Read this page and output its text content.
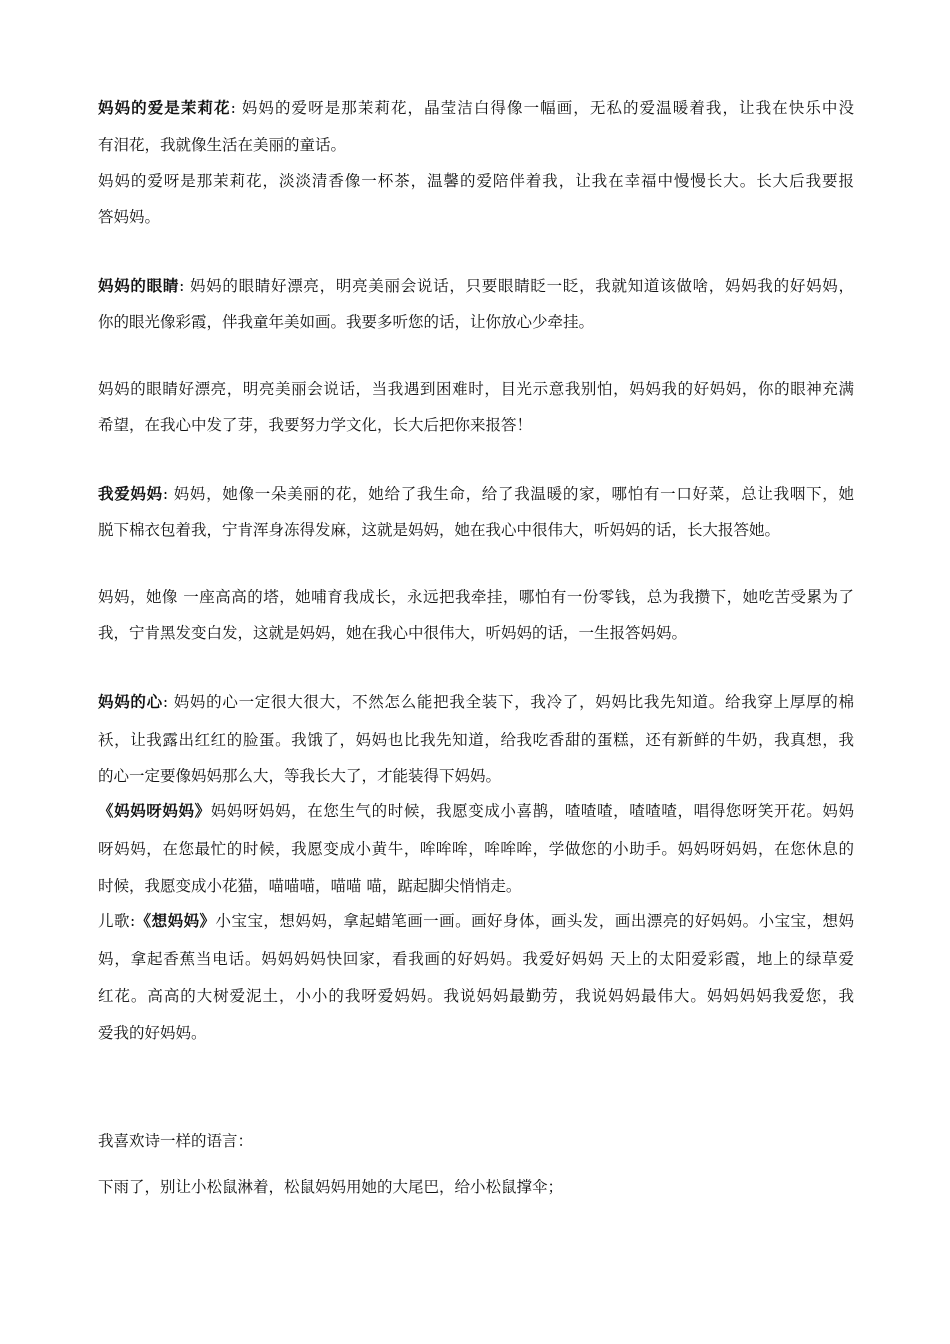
妈妈的爱是茉莉花: 妈妈的爱呀是那茉莉花，晶莹洁白得像一幅画，无私的爱温暖着我，让我在快乐中没
有泪花，我就像生活在美丽的童话。
妈妈的爱呀是那茉莉花，淡淡清香像一杯茶，温馨的爱陪伴着我，让我在幸福中慢慢长大。长大后我要报
答妈妈。
妈妈的眼睛: 妈妈的眼睛好漂亮，明亮美丽会说话，只要眼睛眨一眨，我就知道该做啥，妈妈我的好妈妈，
你的眼光像彩霞，伴我童年美如画。我要多听您的话，让你放心少牵挂。
妈妈的眼睛好漂亮，明亮美丽会说话，当我遇到困难时，目光示意我别怕，妈妈我的好妈妈，你的眼神充满
希望，在我心中发了芽，我要努力学文化，长大后把你来报答！
我爱妈妈: 妈妈，她像一朵美丽的花，她给了我生命，给了我温暖的家，哪怕有一口好菜，总让我咽下，她
脱下棉衣包着我，宁肯浑身冻得发麻，这就是妈妈，她在我心中很伟大，听妈妈的话，长大报答她。
妈妈，她像 一座高高的塔，她哺育我成长，永远把我牵挂，哪怕有一份零钱，总为我攒下，她吃苦受累为了
我，宁肯黑发变白发，这就是妈妈，她在我心中很伟大，听妈妈的话，一生报答妈妈。
妈妈的心: 妈妈的心一定很大很大，不然怎么能把我全装下，我冷了，妈妈比我先知道。给我穿上厚厚的棉
袄，让我露出红红的脸蛋。我饿了，妈妈也比我先知道，给我吃香甜的蛋糕，还有新鲜的牛奶，我真想，我
的心一定要像妈妈那么大，等我长大了，才能装得下妈妈。
《妈妈呀妈妈》妈妈呀妈妈，在您生气的时候，我愿变成小喜鹊，喳喳喳，喳喳喳，唱得您呀笑开花。妈妈
呀妈妈，在您最忙的时候，我愿变成小黄牛，哞哞哞，哞哞哞，学做您的小助手。妈妈呀妈妈，在您休息的
时候，我愿变成小花猫，喵喵喵，喵喵 喵，踮起脚尖悄悄走。
儿歌:《想妈妈》小宝宝，想妈妈，拿起蜡笔画一画。画好身体，画头发，画出漂亮的好妈妈。小宝宝，想妈
妈，拿起香蕉当电话。妈妈妈妈快回家，看我画的好妈妈。我爱好妈妈 天上的太阳爱彩霞，地上的绿草爱
红花。高高的大树爱泥土，小小的我呀爱妈妈。我说妈妈最勤劳，我说妈妈最伟大。妈妈妈妈我爱您，我
爱我的好妈妈。
我喜欢诗一样的语言：
下雨了，别让小松鼠淋着，松鼠妈妈用她的大尾巴，给小松鼠撑伞；
